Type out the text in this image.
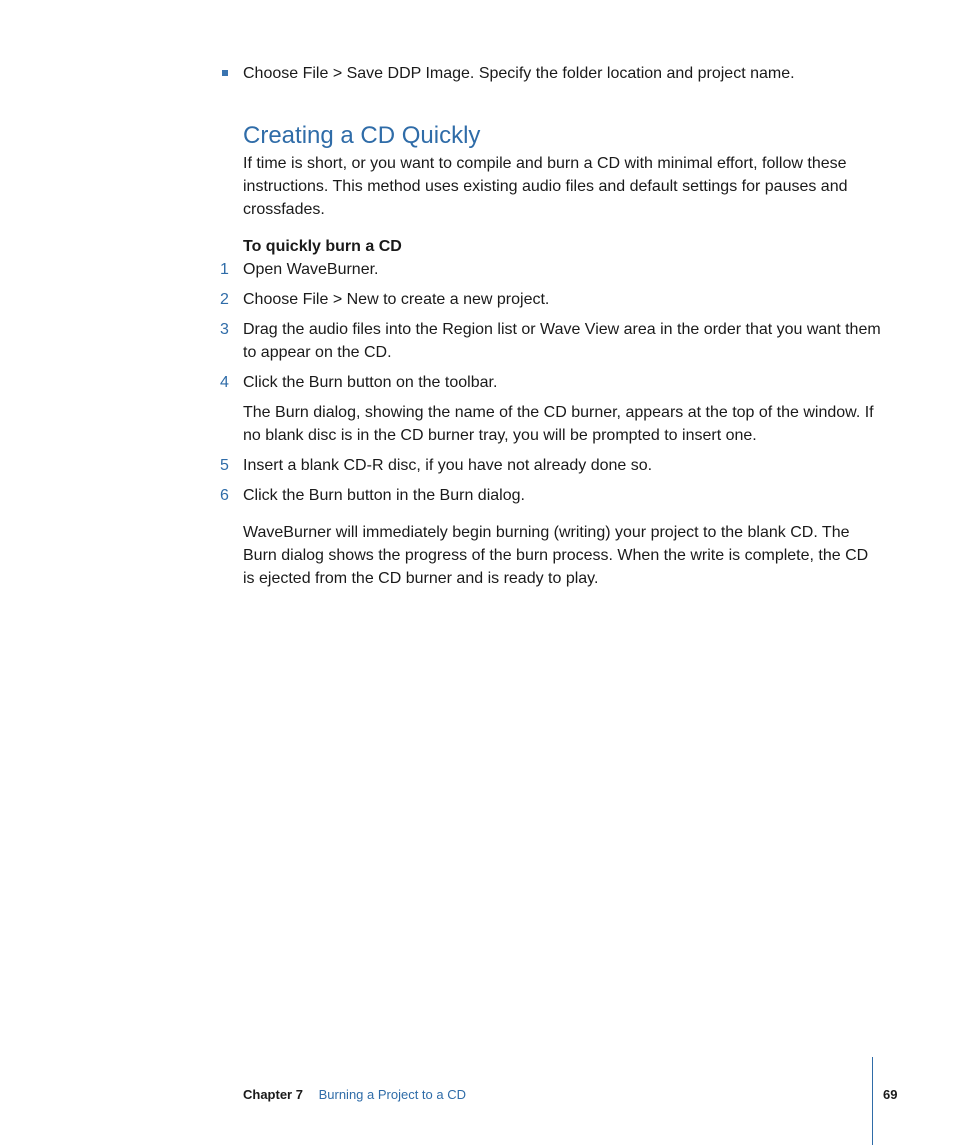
Choose File > Save DDP Image. Specify the folder location and project name.
Creating a CD Quickly

If time is short, or you want to compile and burn a CD with minimal effort, follow these instructions. This method uses existing audio files and default settings for pauses and crossfades.

To quickly burn a CD
1 Open WaveBurner.
2 Choose File > New to create a new project.
3 Drag the audio files into the Region list or Wave View area in the order that you want them to appear on the CD.
4 Click the Burn button on the toolbar.

The Burn dialog, showing the name of the CD burner, appears at the top of the window. If no blank disc is in the CD burner tray, you will be prompted to insert one.

5 Insert a blank CD-R disc, if you have not already done so.
6 Click the Burn button in the Burn dialog.

WaveBurner will immediately begin burning (writing) your project to the blank CD. The Burn dialog shows the progress of the burn process. When the write is complete, the CD is ejected from the CD burner and is ready to play.

Chapter 7 Burning a Project to a CD	69
